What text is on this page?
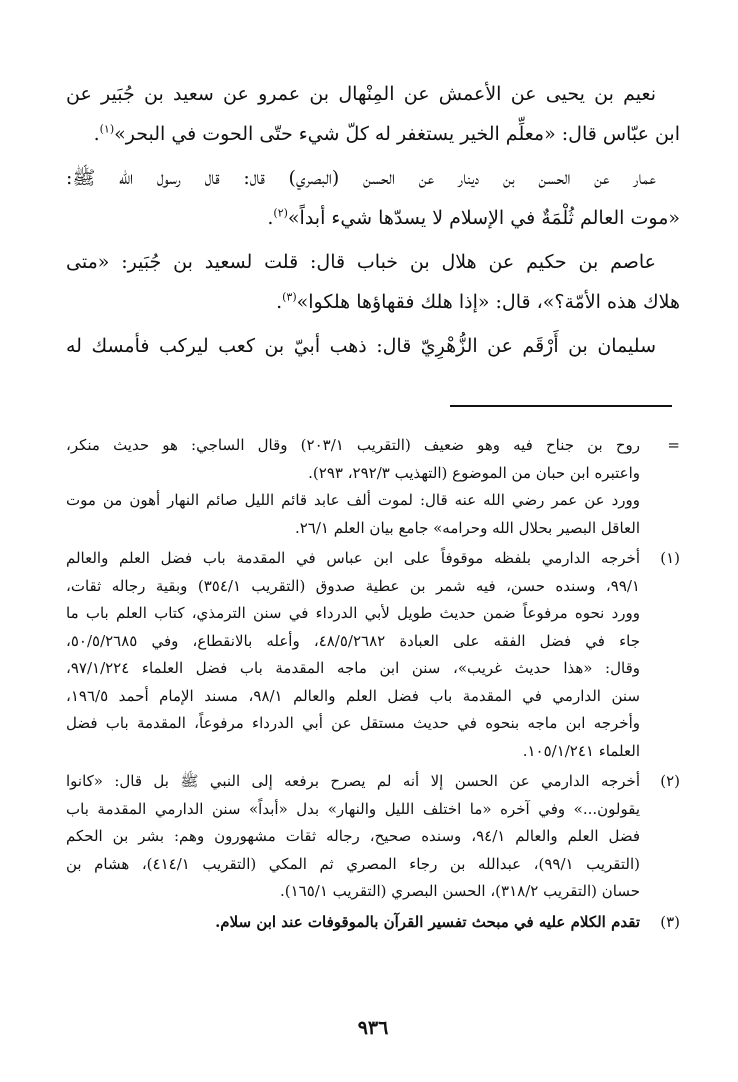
نعيم بن يحيى عن الأعمش عن المِنْهال بن عمرو عن سعيد بن جُبَير عن
ابن عبّاس قال: «معلِّم الخير يستغفر له كلّ شيء حتّى الحوت في البحر»$^{(١)}$.

عمار عن الحسن بن دينار عن الحسن (البصري) قال: قال رسول الله ﷺ:
«موت العالم ثُلْمَةٌ في الإسلام لا يسدّها شيء أبداً»$^{(٢)}$.

عاصم بن حكيم عن هلال بن خباب قال: قلت لسعيد بن جُبَير: «متى
هلاك هذه الأمّة؟»، قال: «إذا هلك فقهاؤها هلكوا»$^{(٣)}$.

سليمان بن أَرْقَم عن الزُّهْرِيّ قال: ذهب أبيّ بن كعب ليركب فأمسك له

=
روح بن جناح فيه وهو ضعيف (التقريب ٢٠٣/١) وقال الساجي: هو حديث منكر،
واعتبره ابن حبان من الموضوع (التهذيب ٢٩٢/٣، ٢٩٣).
وورد عن عمر رضي الله عنه قال: لموت ألف عابد قائم الليل صائم النهار أهون من موت
العاقل البصير بحلال الله وحرامه» جامع بيان العلم ٢٦/١.
(١)
أخرجه الدارمي بلفظه موقوفاً على ابن عباس في المقدمة باب فضل العلم والعالم
٩٩/١، وسنده حسن، فيه شمر بن عطية صدوق (التقريب ٣٥٤/١) وبقية رجاله ثقات،
وورد نحوه مرفوعاً ضمن حديث طويل لأبي الدرداء في سنن الترمذي، كتاب العلم باب ما
جاء في فضل الفقه على العبادة ٤٨/٥/٢٦٨٢، وأعله بالانقطاع، وفي ٥٠/٥/٢٦٨٥،
وقال: «هذا حديث غريب»، سنن ابن ماجه المقدمة باب فضل العلماء ٩٧/١/٢٢٤،
سنن الدارمي في المقدمة باب فضل العلم والعالم ٩٨/١، مسند الإمام أحمد ١٩٦/٥،
وأخرجه ابن ماجه بنحوه في حديث مستقل عن أبي الدرداء مرفوعاً، المقدمة باب فضل
العلماء ١٠٥/١/٢٤١.
(٢)
أخرجه الدارمي عن الحسن إلا أنه لم يصرح برفعه إلى النبي ﷺ بل قال: «كانوا
يقولون...» وفي آخره «ما اختلف الليل والنهار» بدل «أبداً» سنن الدارمي المقدمة باب
فضل العلم والعالم ٩٤/١، وسنده صحيح، رجاله ثقات مشهورون وهم: بشر بن الحكم
(التقريب ٩٩/١)، عبدالله بن رجاء المصري ثم المكي (التقريب ٤١٤/١)، هشام بن
حسان (التقريب ٣١٨/٢)، الحسن البصري (التقريب ١٦٥/١).
(٣)
تقدم الكلام عليه في مبحث تفسير القرآن بالموقوفات عند ابن سلام.
٩٣٦
